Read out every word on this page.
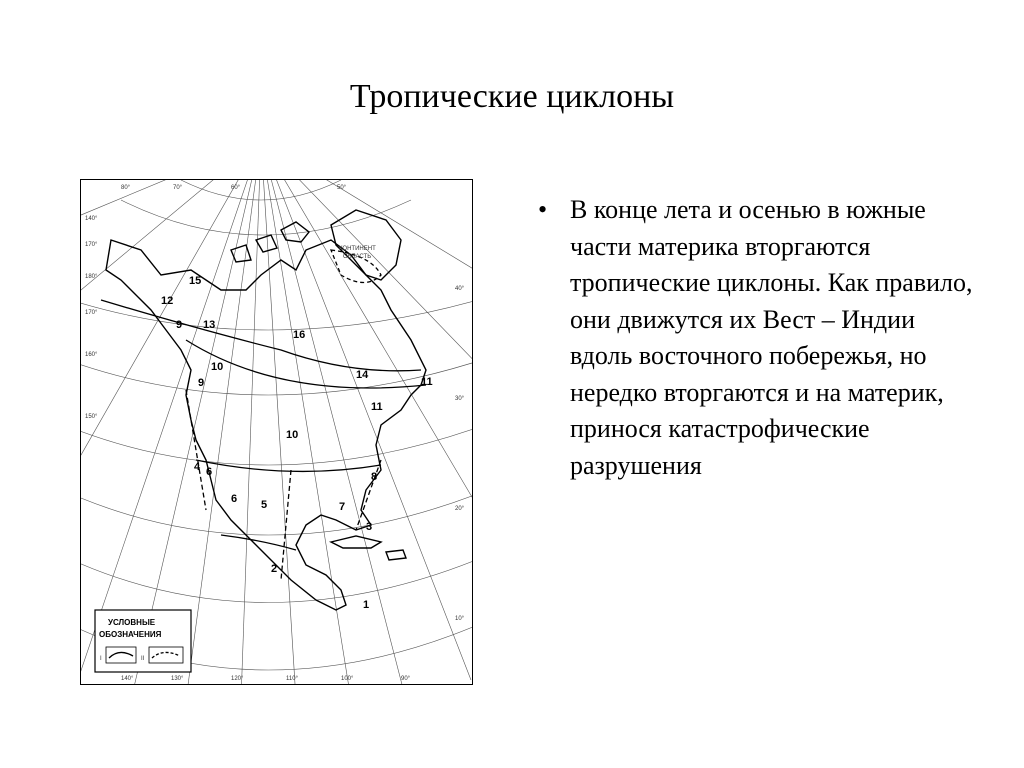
Тропические циклоны
15
12
9 13
16
10
9
14
11
11
10
4 6
6 5	7
8
3
2
1
КОНТИНЕНТ
ОБЛАСТЬ
140°
170°
180°
170°
160°
150°
140°	130°	120°	110°	100°	90°
80°	70°	60°	50°
40°
30°
20°
10°
УСЛОВНЫЕ
ОБОЗНАЧЕНИЯ
I	II
• В конце лета и осенью в южные части материка вторгаются тропические циклоны. Как правило, они движутся их Вест – Индии вдоль восточного побережья, но нередко вторгаются и на материк, принося катастрофические разрушения
